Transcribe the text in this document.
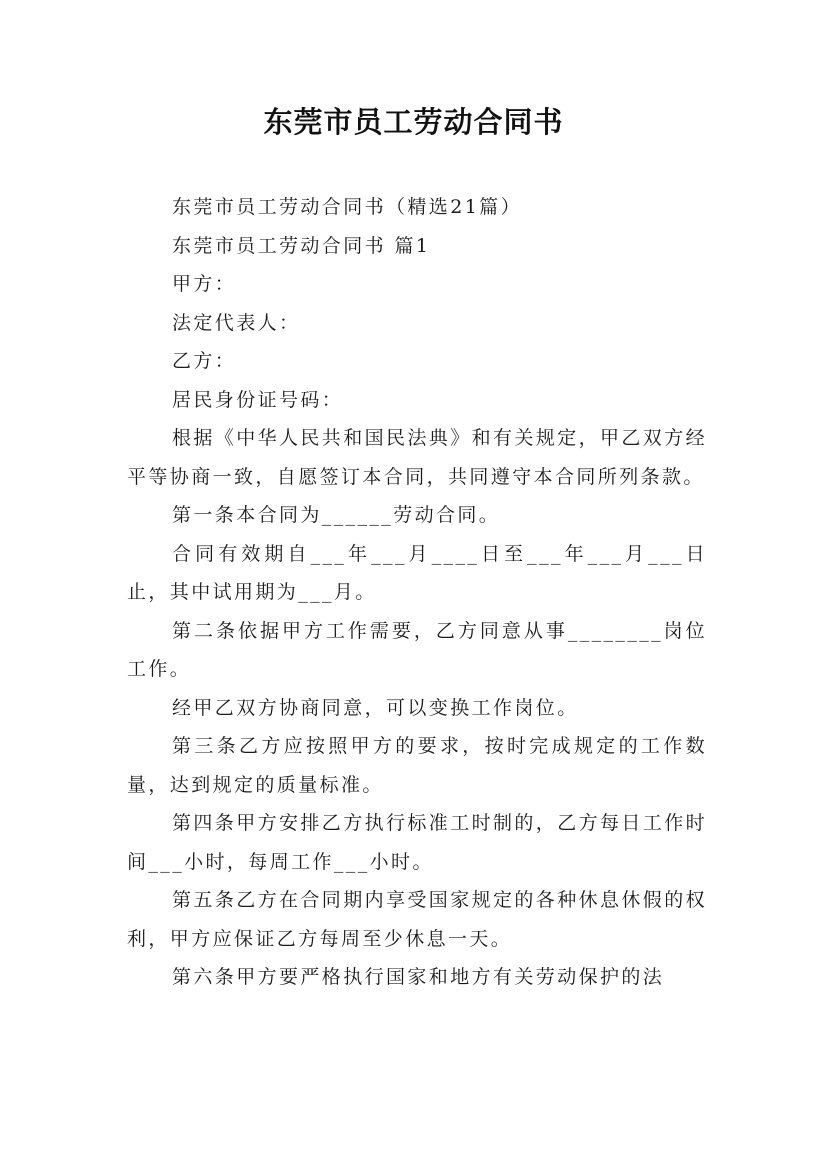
东莞市员工劳动合同书

东莞市员工劳动合同书（精选21篇）

东莞市员工劳动合同书 篇1

甲方：

法定代表人：

乙方：

居民身份证号码：

根据《中华人民共和国民法典》和有关规定，甲乙双方经平等协商一致，自愿签订本合同，共同遵守本合同所列条款。

第一条本合同为______劳动合同。

合同有效期自___年___月____日至___年___月___日止，其中试用期为___月。

第二条依据甲方工作需要，乙方同意从事________岗位工作。

经甲乙双方协商同意，可以变换工作岗位。

第三条乙方应按照甲方的要求，按时完成规定的工作数量，达到规定的质量标准。

第四条甲方安排乙方执行标准工时制的，乙方每日工作时间___小时，每周工作___小时。

第五条乙方在合同期内享受国家规定的各种休息休假的权利，甲方应保证乙方每周至少休息一天。

第六条甲方要严格执行国家和地方有关劳动保护的法
